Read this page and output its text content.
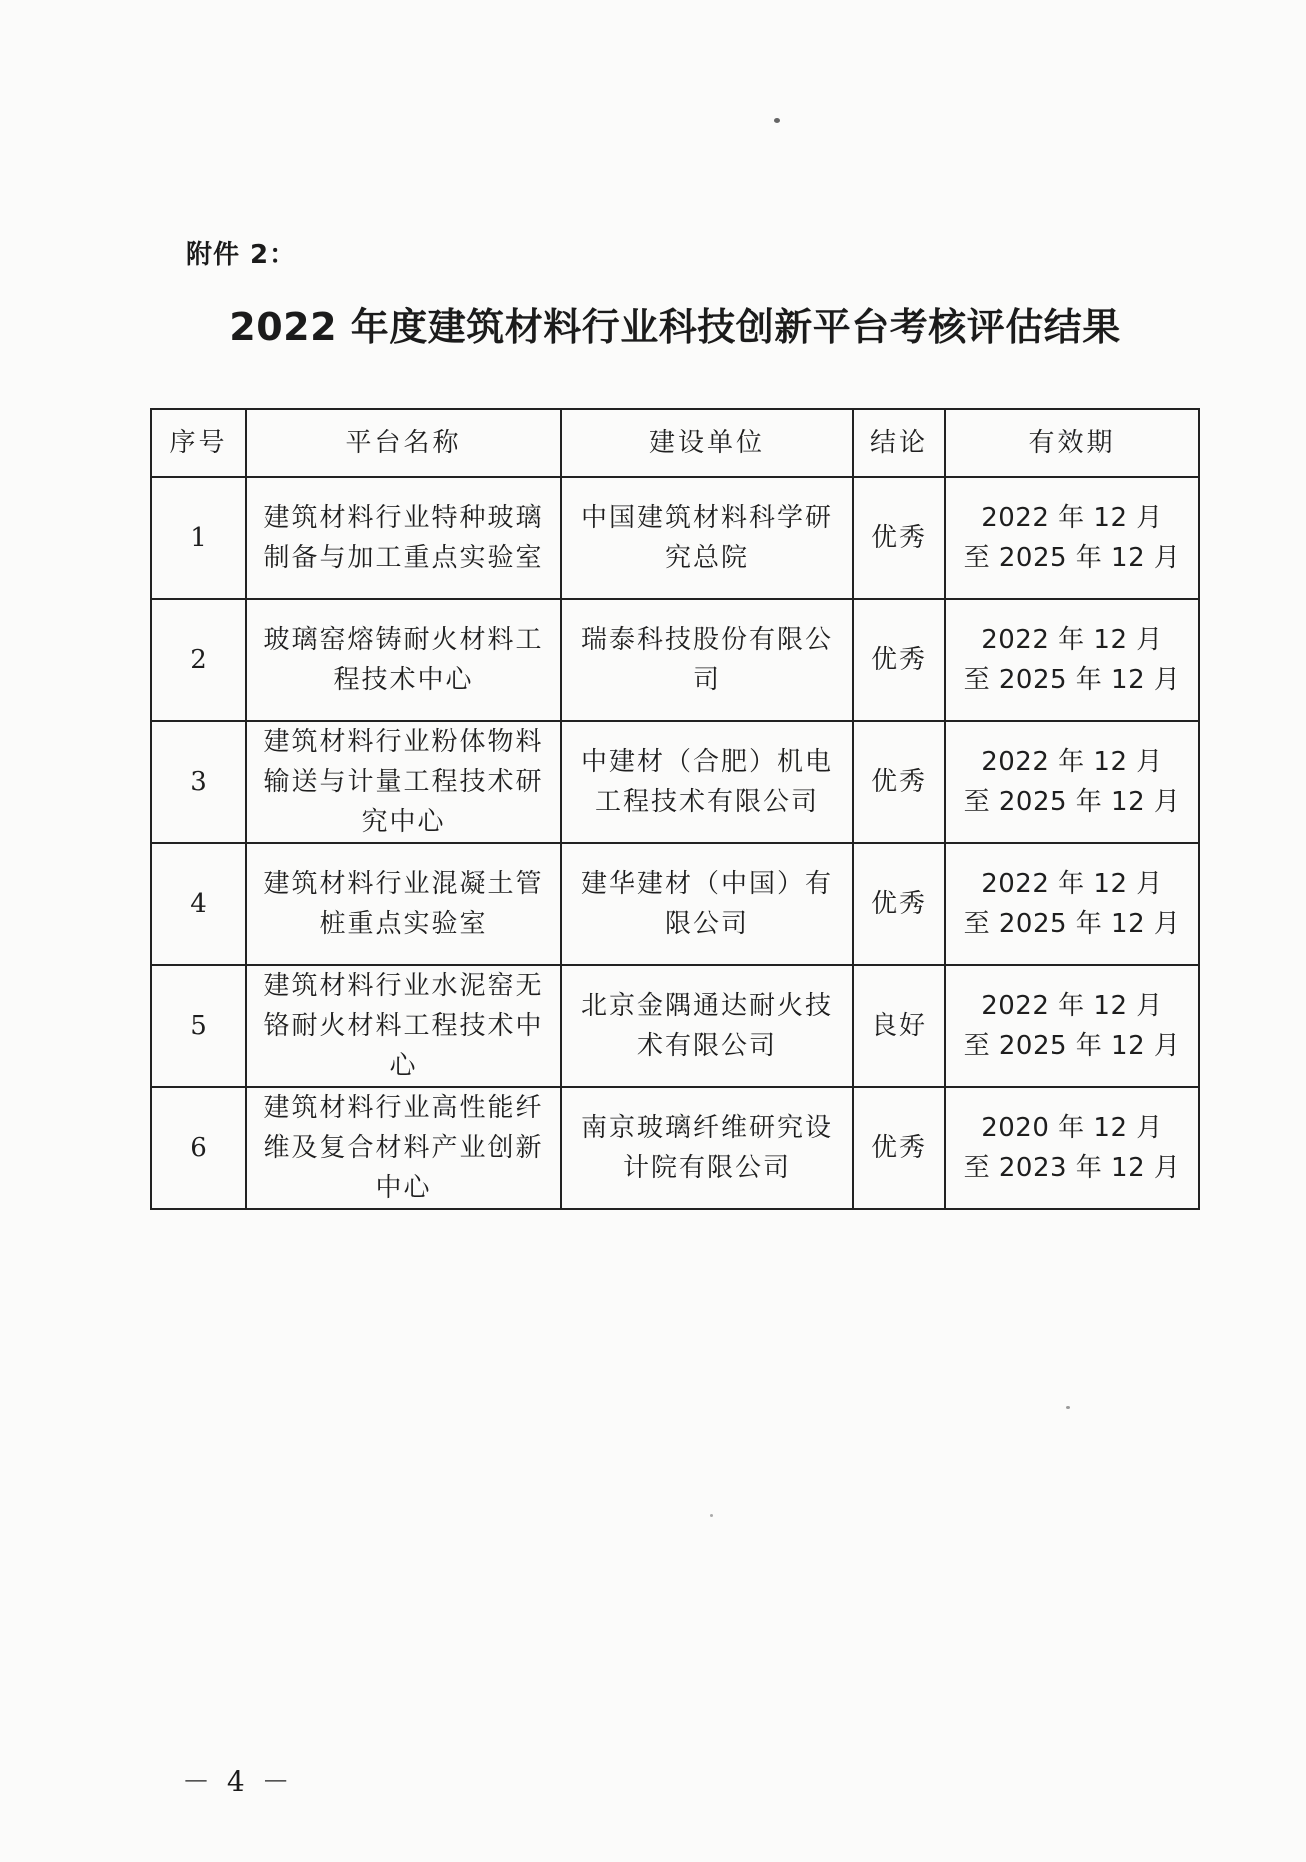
附件 2：
2022 年度建筑材料行业科技创新平台考核评估结果
序号	平台名称	建设单位	结论	有效期
1	建筑材料行业特种玻璃制备与加工重点实验室	中国建筑材料科学研究总院	优秀	2022 年 12 月
至 2025 年 12 月

2	玻璃窑熔铸耐火材料工程技术中心	瑞泰科技股份有限公司	优秀	2022 年 12 月
至 2025 年 12 月

3	建筑材料行业粉体物料输送与计量工程技术研究中心	中建材（合肥）机电工程技术有限公司	优秀	2022 年 12 月
至 2025 年 12 月

4	建筑材料行业混凝土管桩重点实验室	建华建材（中国）有限公司	优秀	2022 年 12 月
至 2025 年 12 月

5	建筑材料行业水泥窑无铬耐火材料工程技术中心	北京金隅通达耐火技术有限公司	良好	2022 年 12 月
至 2025 年 12 月

6	建筑材料行业高性能纤维及复合材料产业创新中心	南京玻璃纤维研究设计院有限公司	优秀	2020 年 12 月
至 2023 年 12 月
－ 4 －
